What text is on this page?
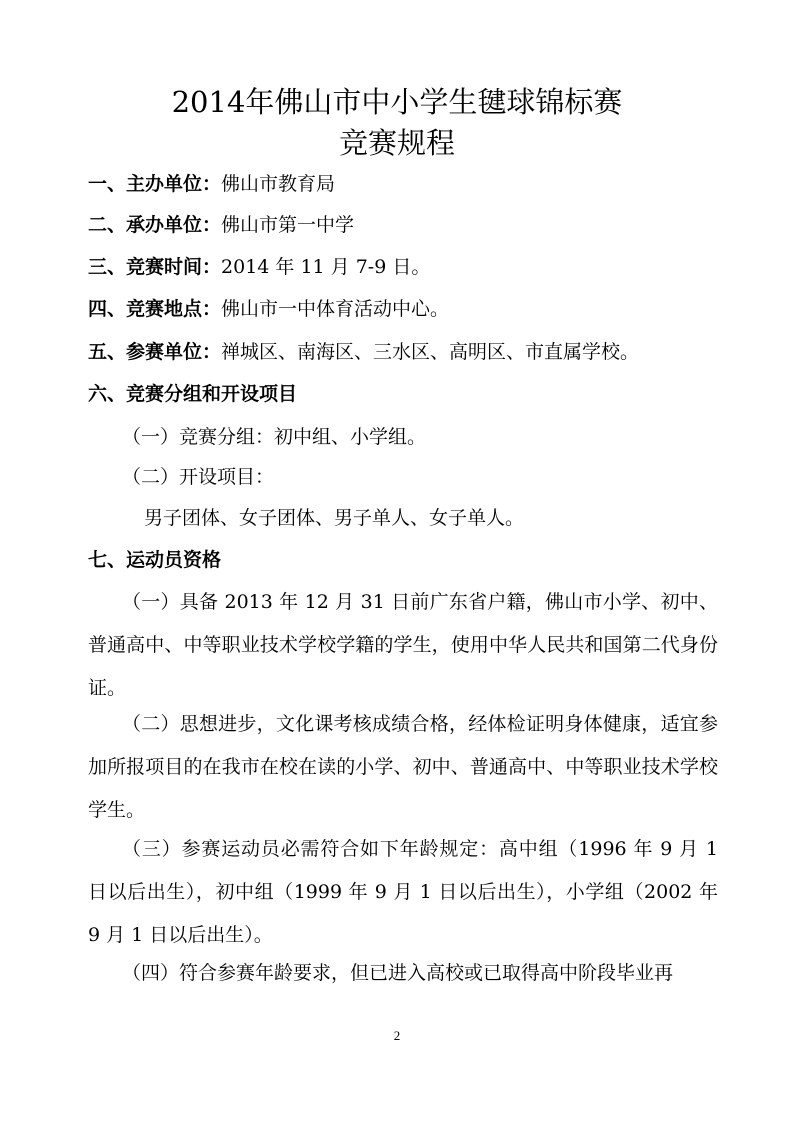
2014年佛山市中小学生毽球锦标赛
竞赛规程
一、主办单位：佛山市教育局
二、承办单位：佛山市第一中学
三、竞赛时间：2014 年 11 月 7-9 日。
四、竞赛地点：佛山市一中体育活动中心。
五、参赛单位：禅城区、南海区、三水区、高明区、市直属学校。
六、竞赛分组和开设项目
（一）竞赛分组：初中组、小学组。
（二）开设项目：
男子团体、女子团体、男子单人、女子单人。
七、运动员资格
（一）具备 2013 年 12 月 31 日前广东省户籍，佛山市小学、初中、普通高中、中等职业技术学校学籍的学生，使用中华人民共和国第二代身份证。
（二）思想进步，文化课考核成绩合格，经体检证明身体健康，适宜参加所报项目的在我市在校在读的小学、初中、普通高中、中等职业技术学校学生。
（三）参赛运动员必需符合如下年龄规定：高中组（1996 年 9 月 1 日以后出生），初中组（1999 年 9 月 1 日以后出生），小学组（2002 年 9 月 1 日以后出生）。
（四）符合参赛年龄要求，但已进入高校或已取得高中阶段毕业再
2
